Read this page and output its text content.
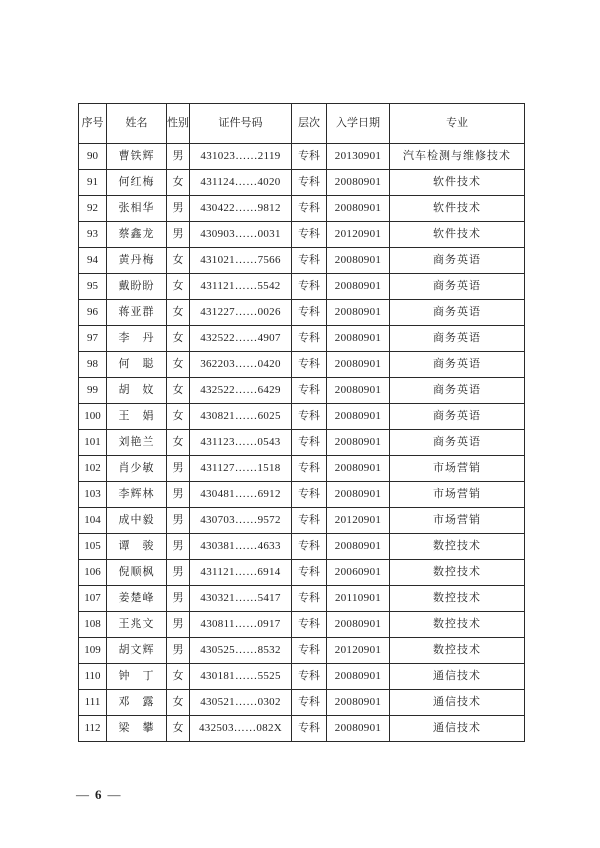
序号	姓名	性别	证件号码	层次	入学日期	专业
90	曹铁辉	男	431023……2119	专科	20130901	汽车检测与维修技术
91	何红梅	女	431124……4020	专科	20080901	软件技术
92	张相华	男	430422……9812	专科	20080901	软件技术
93	蔡鑫龙	男	430903……0031	专科	20120901	软件技术
94	黄丹梅	女	431021……7566	专科	20080901	商务英语
95	戴盼盼	女	431121……5542	专科	20080901	商务英语
96	蒋亚群	女	431227……0026	专科	20080901	商务英语
97	李　丹	女	432522……4907	专科	20080901	商务英语
98	何　聪	女	362203……0420	专科	20080901	商务英语
99	胡　妏	女	432522……6429	专科	20080901	商务英语
100	王　娟	女	430821……6025	专科	20080901	商务英语
101	刘艳兰	女	431123……0543	专科	20080901	商务英语
102	肖少敏	男	431127……1518	专科	20080901	市场营销
103	李辉林	男	430481……6912	专科	20080901	市场营销
104	成中毅	男	430703……9572	专科	20120901	市场营销
105	谭　骏	男	430381……4633	专科	20080901	数控技术
106	倪顺枫	男	431121……6914	专科	20060901	数控技术
107	姜楚峰	男	430321……5417	专科	20110901	数控技术
108	王兆文	男	430811……0917	专科	20080901	数控技术
109	胡文辉	男	430525……8532	专科	20120901	数控技术
110	钟　丁	女	430181……5525	专科	20080901	通信技术
111	邓　露	女	430521……0302	专科	20080901	通信技术
112	梁　攀	女	432503……082X	专科	20080901	通信技术
— 6 —
